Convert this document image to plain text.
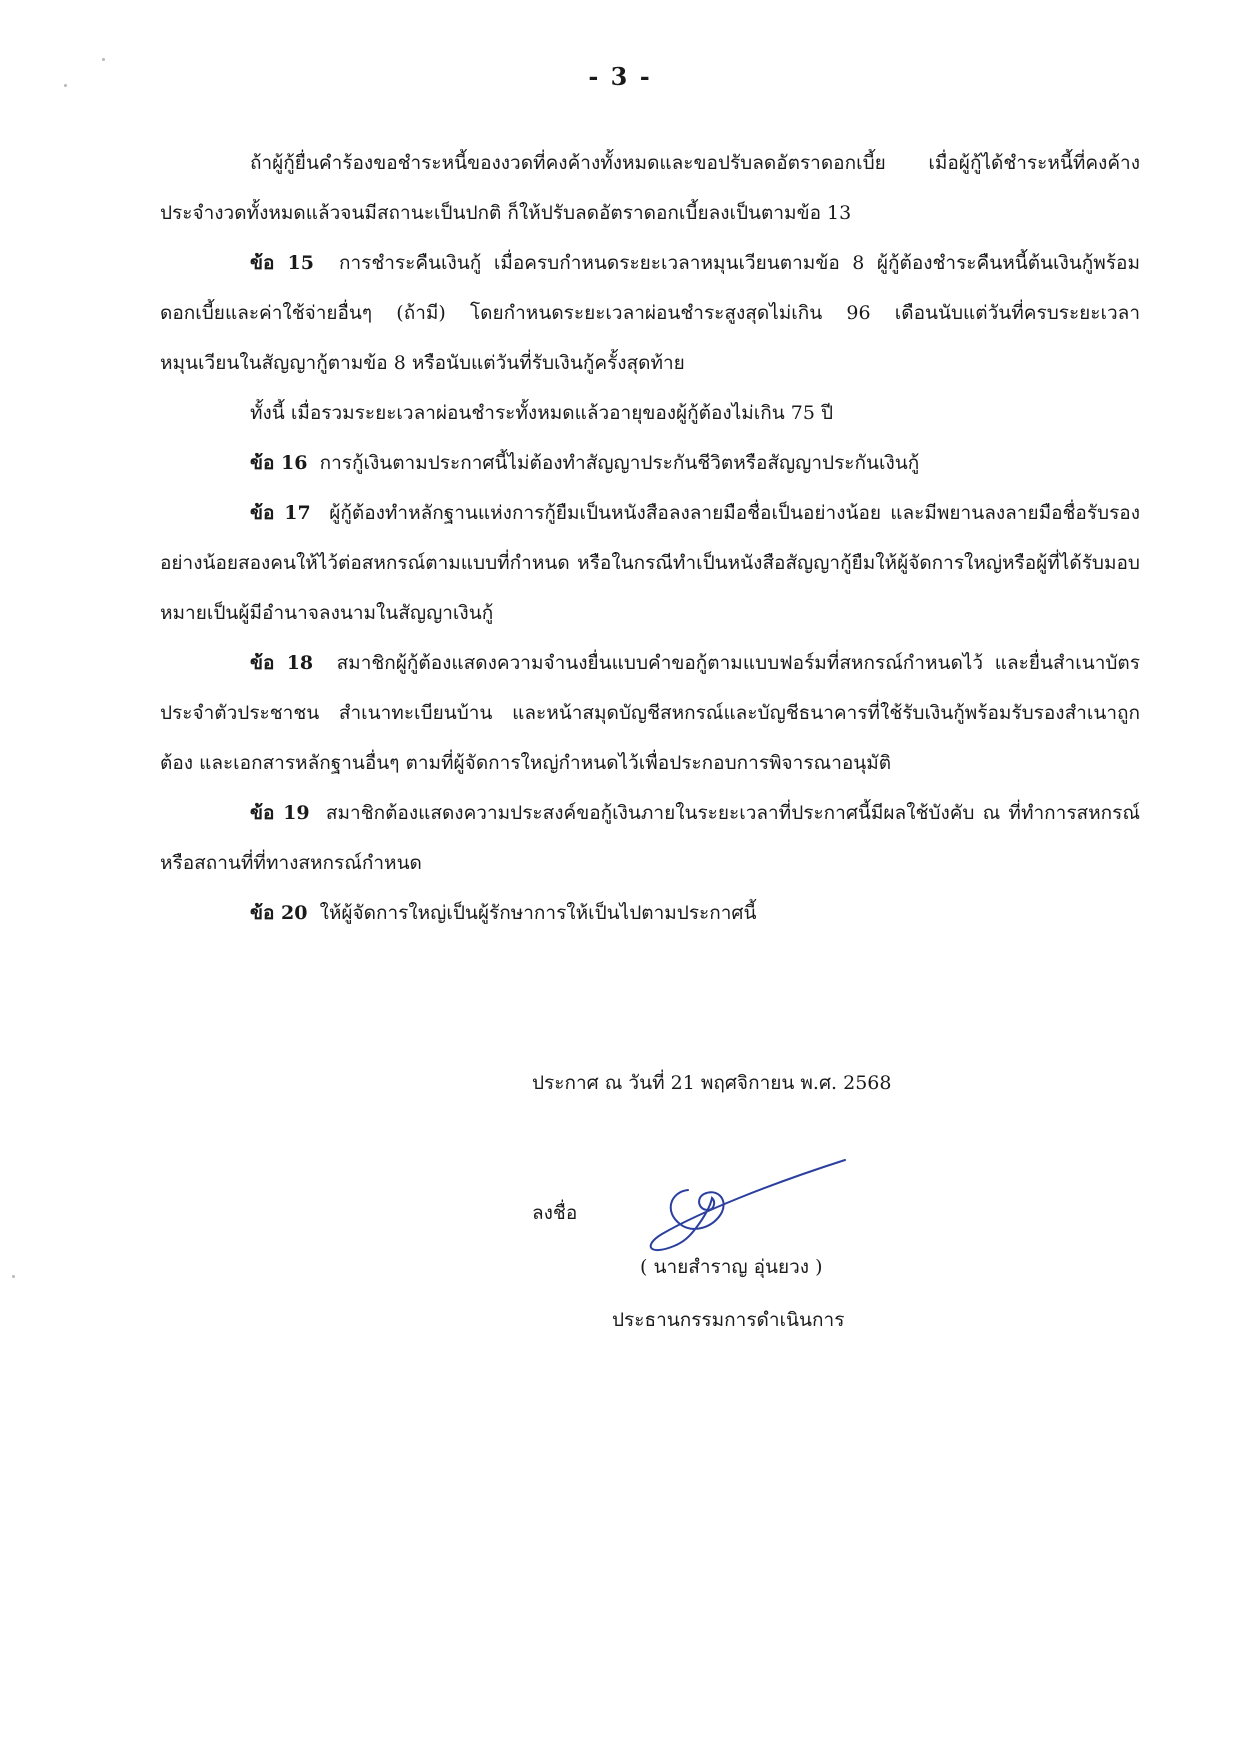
- 3 -

ถ้าผู้กู้ยื่นคำร้องขอชำระหนี้ของงวดที่คงค้างทั้งหมดและขอปรับลดอัตราดอกเบี้ย เมื่อผู้กู้ได้ชำระหนี้ที่คงค้างประจำงวดทั้งหมดแล้วจนมีสถานะเป็นปกติ ก็ให้ปรับลดอัตราดอกเบี้ยลงเป็นตามข้อ 13

ข้อ 15 การชำระคืนเงินกู้ เมื่อครบกำหนดระยะเวลาหมุนเวียนตามข้อ 8 ผู้กู้ต้องชำระคืนหนี้ต้นเงินกู้พร้อมดอกเบี้ยและค่าใช้จ่ายอื่นๆ (ถ้ามี) โดยกำหนดระยะเวลาผ่อนชำระสูงสุดไม่เกิน 96 เดือนนับแต่วันที่ครบระยะเวลาหมุนเวียนในสัญญากู้ตามข้อ 8 หรือนับแต่วันที่รับเงินกู้ครั้งสุดท้าย

ทั้งนี้ เมื่อรวมระยะเวลาผ่อนชำระทั้งหมดแล้วอายุของผู้กู้ต้องไม่เกิน 75 ปี

ข้อ 16 การกู้เงินตามประกาศนี้ไม่ต้องทำสัญญาประกันชีวิตหรือสัญญาประกันเงินกู้

ข้อ 17 ผู้กู้ต้องทำหลักฐานแห่งการกู้ยืมเป็นหนังสือลงลายมือชื่อเป็นอย่างน้อย และมีพยานลงลายมือชื่อรับรองอย่างน้อยสองคนให้ไว้ต่อสหกรณ์ตามแบบที่กำหนด หรือในกรณีทำเป็นหนังสือสัญญากู้ยืมให้ผู้จัดการใหญ่หรือผู้ที่ได้รับมอบหมายเป็นผู้มีอำนาจลงนามในสัญญาเงินกู้

ข้อ 18 สมาชิกผู้กู้ต้องแสดงความจำนงยื่นแบบคำขอกู้ตามแบบฟอร์มที่สหกรณ์กำหนดไว้ และยื่นสำเนาบัตรประจำตัวประชาชน สำเนาทะเบียนบ้าน และหน้าสมุดบัญชีสหกรณ์และบัญชีธนาคารที่ใช้รับเงินกู้พร้อมรับรองสำเนาถูกต้อง และเอกสารหลักฐานอื่นๆ ตามที่ผู้จัดการใหญ่กำหนดไว้เพื่อประกอบการพิจารณาอนุมัติ

ข้อ 19 สมาชิกต้องแสดงความประสงค์ขอกู้เงินภายในระยะเวลาที่ประกาศนี้มีผลใช้บังคับ ณ ที่ทำการสหกรณ์ หรือสถานที่ที่ทางสหกรณ์กำหนด

ข้อ 20 ให้ผู้จัดการใหญ่เป็นผู้รักษาการให้เป็นไปตามประกาศนี้

ประกาศ ณ วันที่ 21 พฤศจิกายน พ.ศ. 2568
ลงชื่อ
( นายสำราญ อุ่นยวง )
ประธานกรรมการดำเนินการ
